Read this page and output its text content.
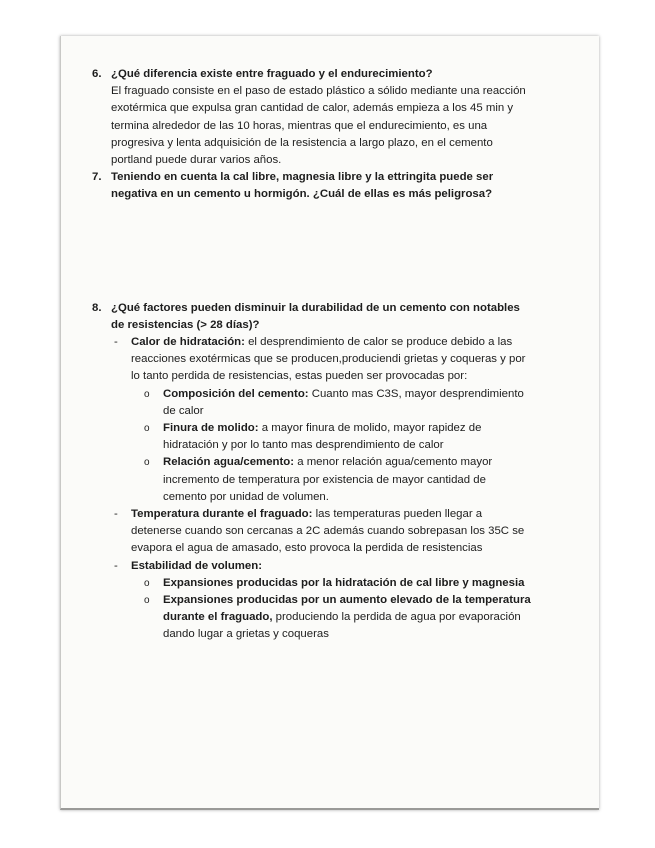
6. ¿Qué diferencia existe entre fraguado y el endurecimiento?

El fraguado consiste en el paso de estado plástico a sólido mediante una reacción exotérmica que expulsa gran cantidad de calor, además empieza a los 45 min y termina alrededor de las 10 horas, mientras que el endurecimiento, es una progresiva y lenta adquisición de la resistencia a largo plazo, en el cemento portland puede durar varios años.

7. Teniendo en cuenta la cal libre, magnesia libre y la ettringita puede ser negativa en un cemento u hormigón. ¿Cuál de ellas es más peligrosa?
8. ¿Qué factores pueden disminuir la durabilidad de un cemento con notables de resistencias (> 28 días)?
- Calor de hidratación: el desprendimiento de calor se produce debido a las reacciones exotérmicas que se producen,produciendi grietas y coqueras y por lo tanto perdida de resistencias, estas pueden ser provocadas por:
o Composición del cemento: Cuanto mas C3S, mayor desprendimiento de calor
o Finura de molido: a mayor finura de molido, mayor rapidez de hidratación y por lo tanto mas desprendimiento de calor
o Relación agua/cemento: a menor relación agua/cemento mayor incremento de temperatura por existencia de mayor cantidad de cemento por unidad de volumen.
- Temperatura durante el fraguado: las temperaturas pueden llegar a detenerse cuando son cercanas a 2C además cuando sobrepasan los 35C se evapora el agua de amasado, esto provoca la perdida de resistencias
- Estabilidad de volumen:
o Expansiones producidas por la hidratación de cal libre y magnesia
o Expansiones producidas por un aumento elevado de la temperatura durante el fraguado, produciendo la perdida de agua por evaporación dando lugar a grietas y coqueras
